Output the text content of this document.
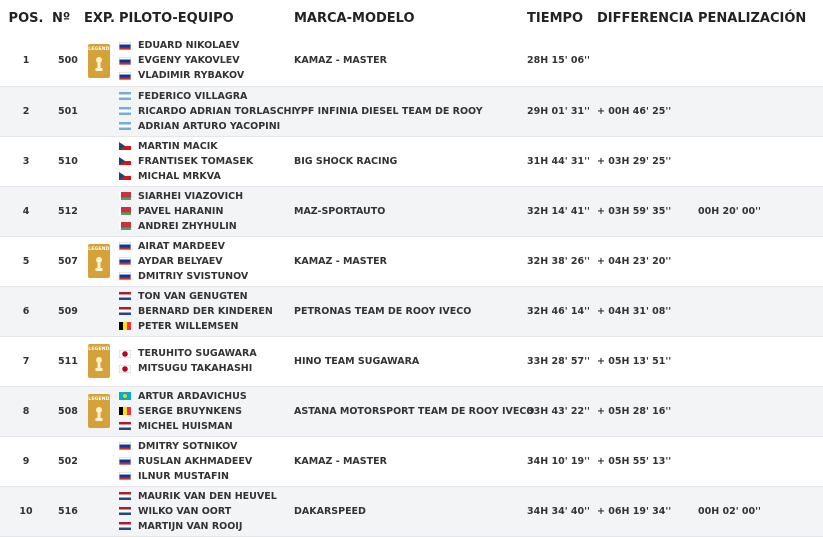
POS.	Nº	EXP.	PILOTO-EQUIPO	MARCA-MODELO	TIEMPO	DIFFERENCIA	PENALIZACIÓN
1	500	LEGEND	EDUARD NIKOLAEV
EVGENY YAKOVLEV
VLADIMIR RYBAKOV	KAMAZ - MASTER	28H 15' 06''		
2	501		FEDERICO VILLAGRA
RICARDO ADRIAN TORLASCHI
ADRIAN ARTURO YACOPINI	YPF INFINIA DIESEL TEAM DE ROOY	29H 01' 31''	+ 00H 46' 25''	
3	510		MARTIN MACIK
FRANTISEK TOMASEK
MICHAL MRKVA	BIG SHOCK RACING	31H 44' 31''	+ 03H 29' 25''	
4	512		SIARHEI VIAZOVICH
PAVEL HARANIN
ANDREI ZHYHULIN	MAZ-SPORTAUTO	32H 14' 41''	+ 03H 59' 35''	00H 20' 00''
5	507	LEGEND	AIRAT MARDEEV
AYDAR BELYAEV
DMITRIY SVISTUNOV	KAMAZ - MASTER	32H 38' 26''	+ 04H 23' 20''	
6	509		TON VAN GENUGTEN
BERNARD DER KINDEREN
PETER WILLEMSEN	PETRONAS TEAM DE ROOY IVECO	32H 46' 14''	+ 04H 31' 08''	
7	511	LEGEND	TERUHITO SUGAWARA
MITSUGU TAKAHASHI	HINO TEAM SUGAWARA	33H 28' 57''	+ 05H 13' 51''	
8	508	LEGEND	ARTUR ARDAVICHUS
SERGE BRUYNKENS
MICHEL HUISMAN	ASTANA MOTORSPORT TEAM DE ROOY IVECO	33H 43' 22''	+ 05H 28' 16''	
9	502		DMITRY SOTNIKOV
RUSLAN AKHMADEEV
ILNUR MUSTAFIN	KAMAZ - MASTER	34H 10' 19''	+ 05H 55' 13''	
10	516		MAURIK VAN DEN HEUVEL
WILKO VAN OORT
MARTIJN VAN ROOIJ	DAKARSPEED	34H 34' 40''	+ 06H 19' 34''	00H 02' 00''
